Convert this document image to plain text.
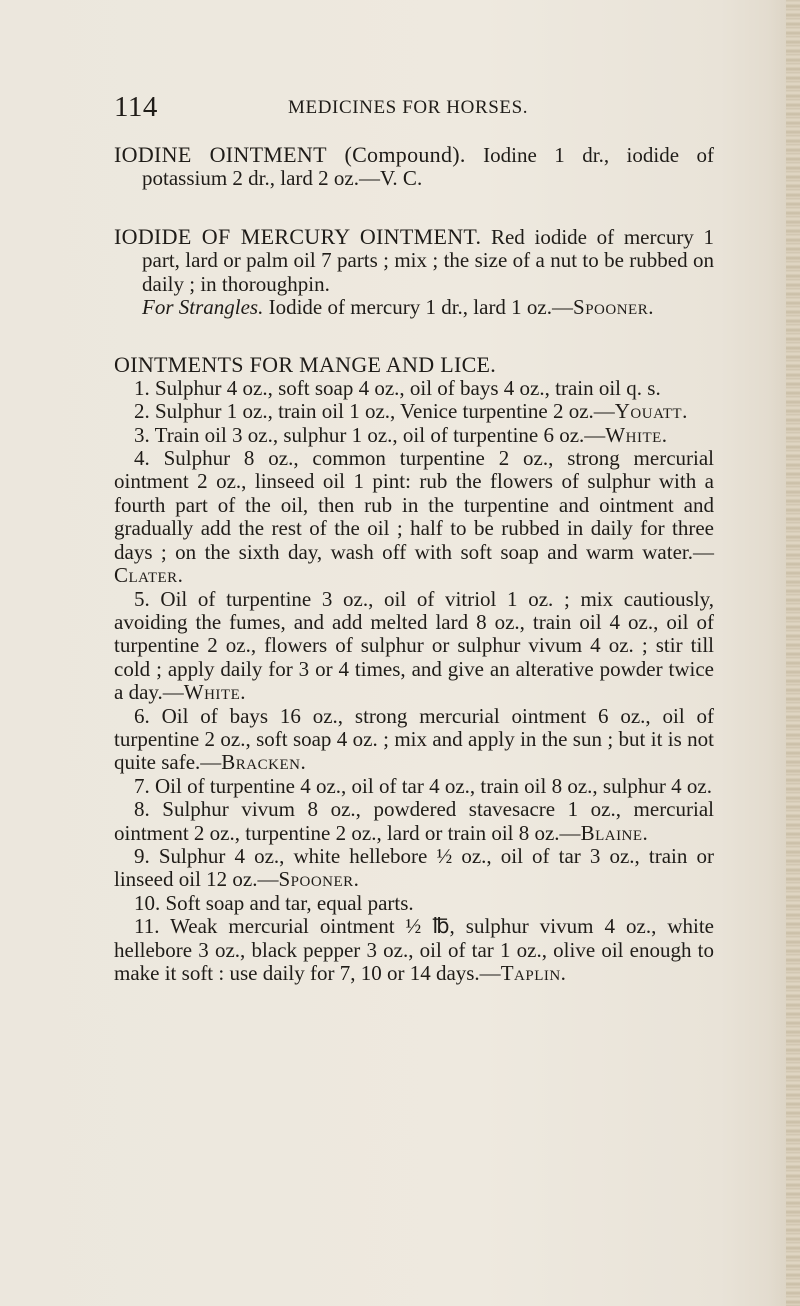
114	MEDICINES FOR HORSES.

IODINE OINTMENT (Compound). Iodine 1 dr., iodide of potassium 2 dr., lard 2 oz.—V. C.

IODIDE OF MERCURY OINTMENT. Red iodide of mercury 1 part, lard or palm oil 7 parts ; mix ; the size of a nut to be rubbed on daily ; in thoroughpin.

For Strangles. Iodide of mercury 1 dr., lard 1 oz.—Spooner.

OINTMENTS FOR MANGE AND LICE.

1. Sulphur 4 oz., soft soap 4 oz., oil of bays 4 oz., train oil q. s.

2. Sulphur 1 oz., train oil 1 oz., Venice turpentine 2 oz.—Youatt.

3. Train oil 3 oz., sulphur 1 oz., oil of turpentine 6 oz.—White.

4. Sulphur 8 oz., common turpentine 2 oz., strong mercurial ointment 2 oz., linseed oil 1 pint: rub the flowers of sulphur with a fourth part of the oil, then rub in the turpentine and ointment and gradually add the rest of the oil ; half to be rubbed in daily for three days ; on the sixth day, wash off with soft soap and warm water.—Clater.

5. Oil of turpentine 3 oz., oil of vitriol 1 oz. ; mix cautiously, avoiding the fumes, and add melted lard 8 oz., train oil 4 oz., oil of turpentine 2 oz., flowers of sulphur or sulphur vivum 4 oz. ; stir till cold ; apply daily for 3 or 4 times, and give an alterative powder twice a day.—White.

6. Oil of bays 16 oz., strong mercurial ointment 6 oz., oil of turpentine 2 oz., soft soap 4 oz. ; mix and apply in the sun ; but it is not quite safe.—Bracken.

7. Oil of turpentine 4 oz., oil of tar 4 oz., train oil 8 oz., sulphur 4 oz.

8. Sulphur vivum 8 oz., powdered stavesacre 1 oz., mercurial ointment 2 oz., turpentine 2 oz., lard or train oil 8 oz.—Blaine.

9. Sulphur 4 oz., white hellebore ½ oz., oil of tar 3 oz., train or linseed oil 12 oz.—Spooner.

10. Soft soap and tar, equal parts.

11. Weak mercurial ointment ½ ℔, sulphur vivum 4 oz., white hellebore 3 oz., black pepper 3 oz., oil of tar 1 oz., olive oil enough to make it soft : use daily for 7, 10 or 14 days.—Taplin.
